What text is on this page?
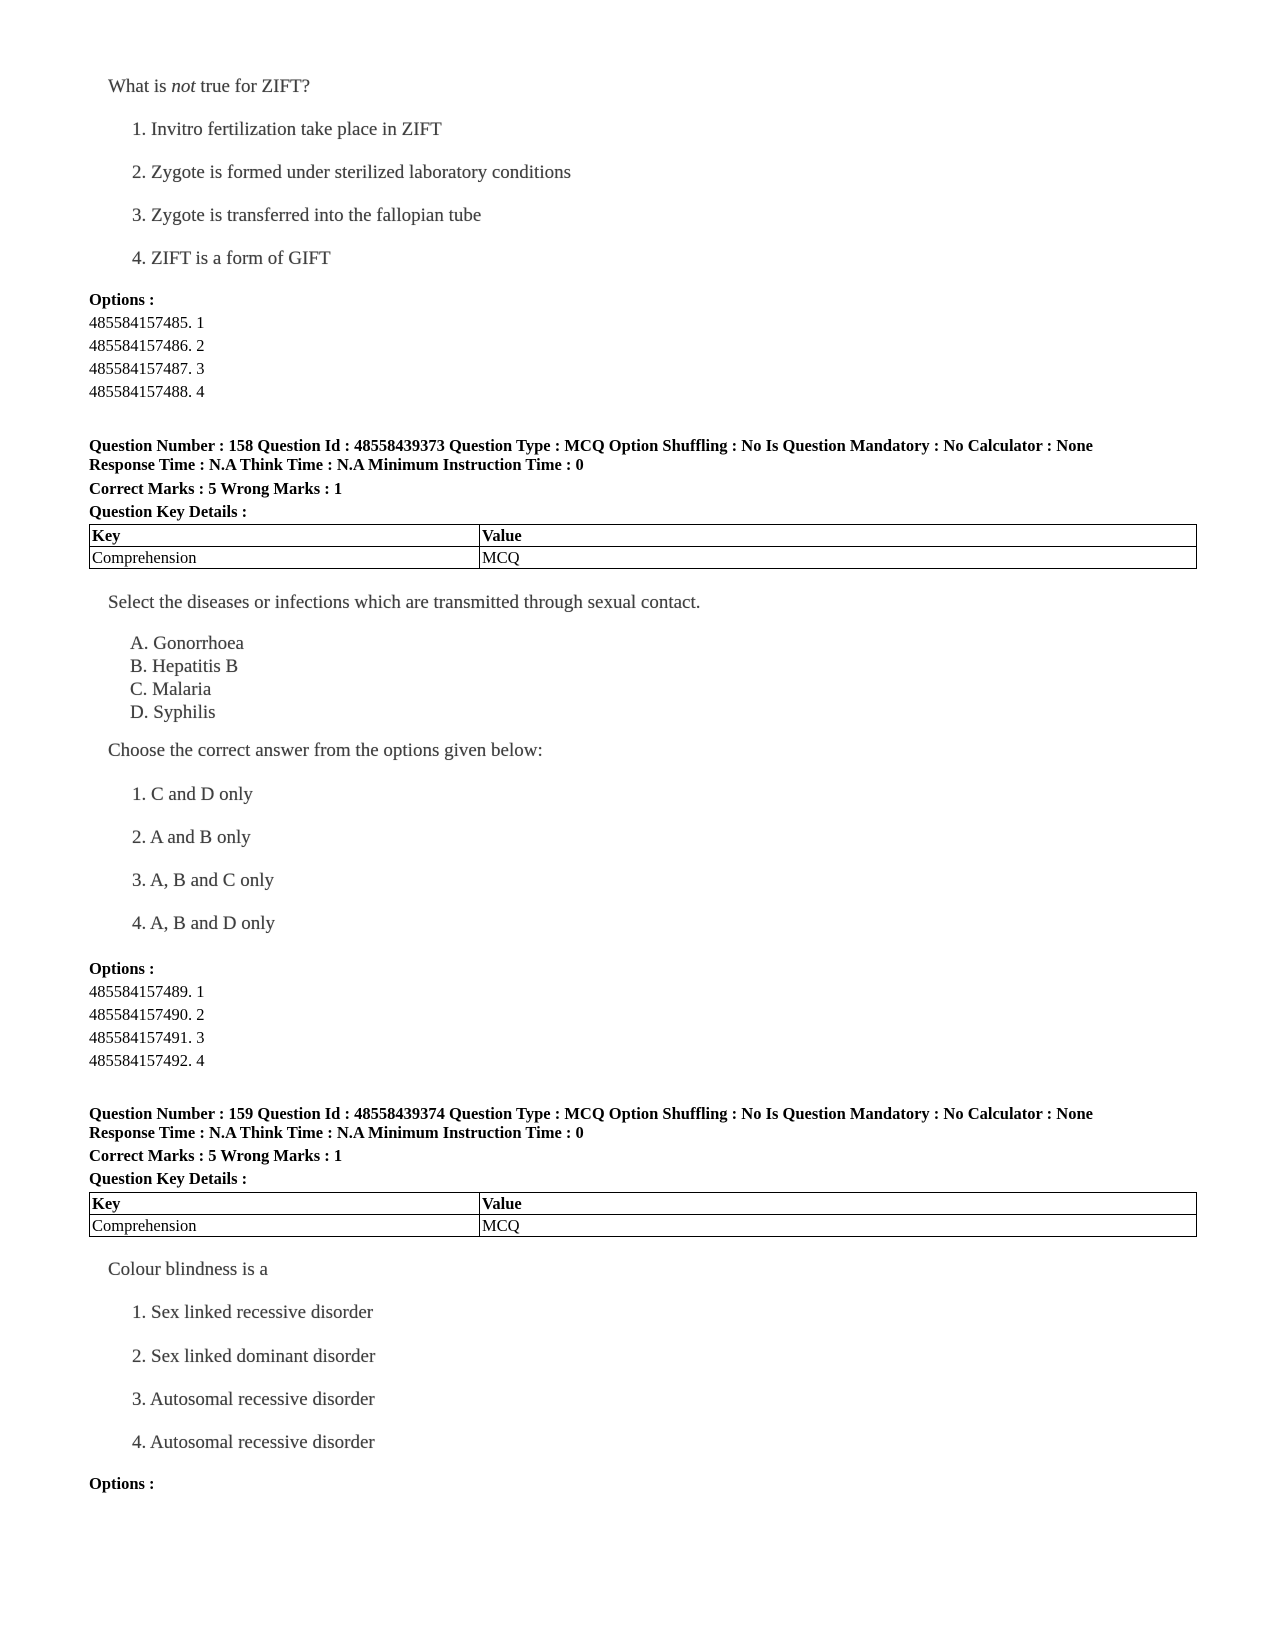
What is not true for ZIFT?
1. Invitro fertilization take place in ZIFT
2. Zygote is formed under sterilized laboratory conditions
3. Zygote is transferred into the fallopian tube
4. ZIFT is a form of GIFT
Options :
485584157485. 1
485584157486. 2
485584157487. 3
485584157488. 4
Question Number : 158 Question Id : 48558439373 Question Type : MCQ Option Shuffling : No Is Question Mandatory : No Calculator : None
Response Time : N.A Think Time : N.A Minimum Instruction Time : 0
Correct Marks : 5 Wrong Marks : 1
Question Key Details :
Key	Value
Comprehension	MCQ
Select the diseases or infections which are transmitted through sexual contact.
A. Gonorrhoea
B. Hepatitis B
C. Malaria
D. Syphilis
Choose the correct answer from the options given below:
1. C and D only
2. A and B only
3. A, B and C only
4. A, B and D only
Options :
485584157489. 1
485584157490. 2
485584157491. 3
485584157492. 4
Question Number : 159 Question Id : 48558439374 Question Type : MCQ Option Shuffling : No Is Question Mandatory : No Calculator : None
Response Time : N.A Think Time : N.A Minimum Instruction Time : 0
Correct Marks : 5 Wrong Marks : 1
Question Key Details :
Key	Value
Comprehension	MCQ
Colour blindness is a
1. Sex linked recessive disorder
2. Sex linked dominant disorder
3. Autosomal recessive disorder
4. Autosomal recessive disorder
Options :
